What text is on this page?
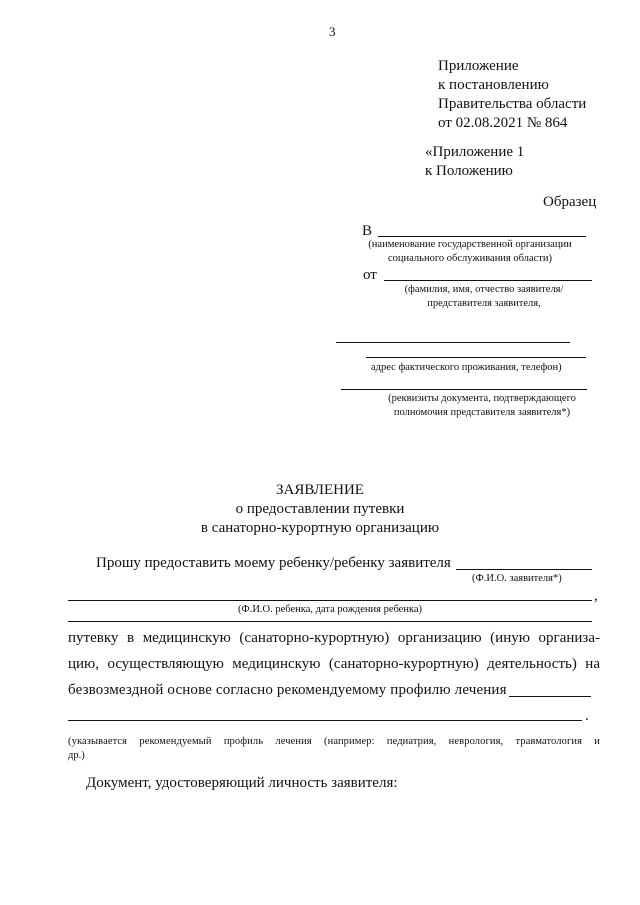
3
Приложение
к постановлению
Правительства области
от 02.08.2021 № 864
«Приложение 1
к Положению
Образец
В
(наименование государственной организации
социального обслуживания области)
от
(фамилия, имя, отчество заявителя/
представителя заявителя,
адрес фактического проживания, телефон)
(реквизиты документа, подтверждающего
полномочия представителя заявителя*)
ЗАЯВЛЕНИЕ
о предоставлении путевки
в санаторно-курортную организацию
Прошу предоставить моему ребенку/ребенку заявителя
(Ф.И.О. заявителя*)
,
(Ф.И.О. ребенка, дата рождения ребенка)
путевку в медицинскую (санаторно-курортную) организацию (иную организа-
цию, осуществляющую медицинскую (санаторно-курортную) деятельность) на
безвозмездной основе согласно рекомендуемому профилю лечения
.
(указывается рекомендуемый профиль лечения (например: педиатрия, неврология, травматология и
др.)
Документ, удостоверяющий личность заявителя:
